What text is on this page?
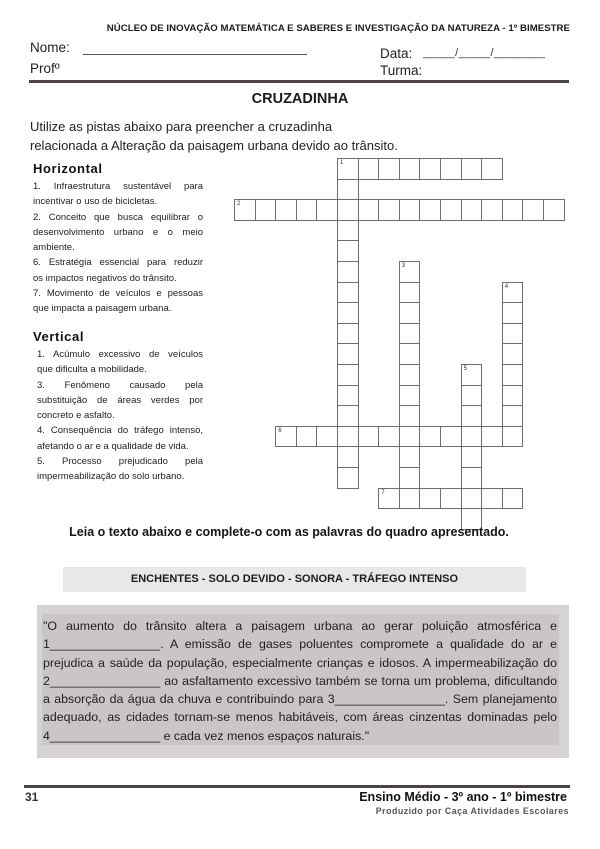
NÚCLEO DE INOVAÇÃO MATEMÁTICA E SABERES E INVESTIGAÇÃO DA NATUREZA - 1º BIMESTRE
Nome:
Profº
Data: _____/_____/________
Turma:
CRUZADINHA
Utilize as pistas abaixo para preencher a cruzadinha
relacionada a Alteração da paisagem urbana devido ao trânsito.
Horizontal
1. Infraestrutura sustentável para
incentivar o uso de bicicletas.
2. Conceito que busca equilibrar o
desenvolvimento urbano e o meio
ambiente.
6. Estratégia essencial para reduzir
os impactos negativos do trânsito.
7. Movimento de veículos e pessoas
que impacta a paisagem urbana.
Vertical
1. Acúmulo excessivo de veículos
que dificulta a mobilidade.
3. Fenômeno causado pela
substituição de áreas verdes por
concreto e asfalto.
4. Consequência do tráfego intenso,
afetando o ar e a qualidade de vida.
5. Processo prejudicado pela
impermeabilização do solo urbano.
1
2
3
4
5
6
7
Leia o texto abaixo e complete-o com as palavras do quadro apresentado.
ENCHENTES - SOLO DEVIDO - SONORA - TRÁFEGO INTENSO
"O aumento do trânsito altera a paisagem urbana ao gerar poluição atmosférica e
1________________. A emissão de gases poluentes compromete a qualidade do ar e
prejudica a saúde da população, especialmente crianças e idosos. A impermeabilização do
2________________ ao asfaltamento excessivo também se torna um problema, dificultando
a absorção da água da chuva e contribuindo para 3________________. Sem planejamento
adequado, as cidades tornam-se menos habitáveis, com áreas cinzentas dominadas pelo
4________________ e cada vez menos espaços naturais."
31	Ensino Médio - 3º ano - 1º bimestre
Produzido por Caça Atividades Escolares
